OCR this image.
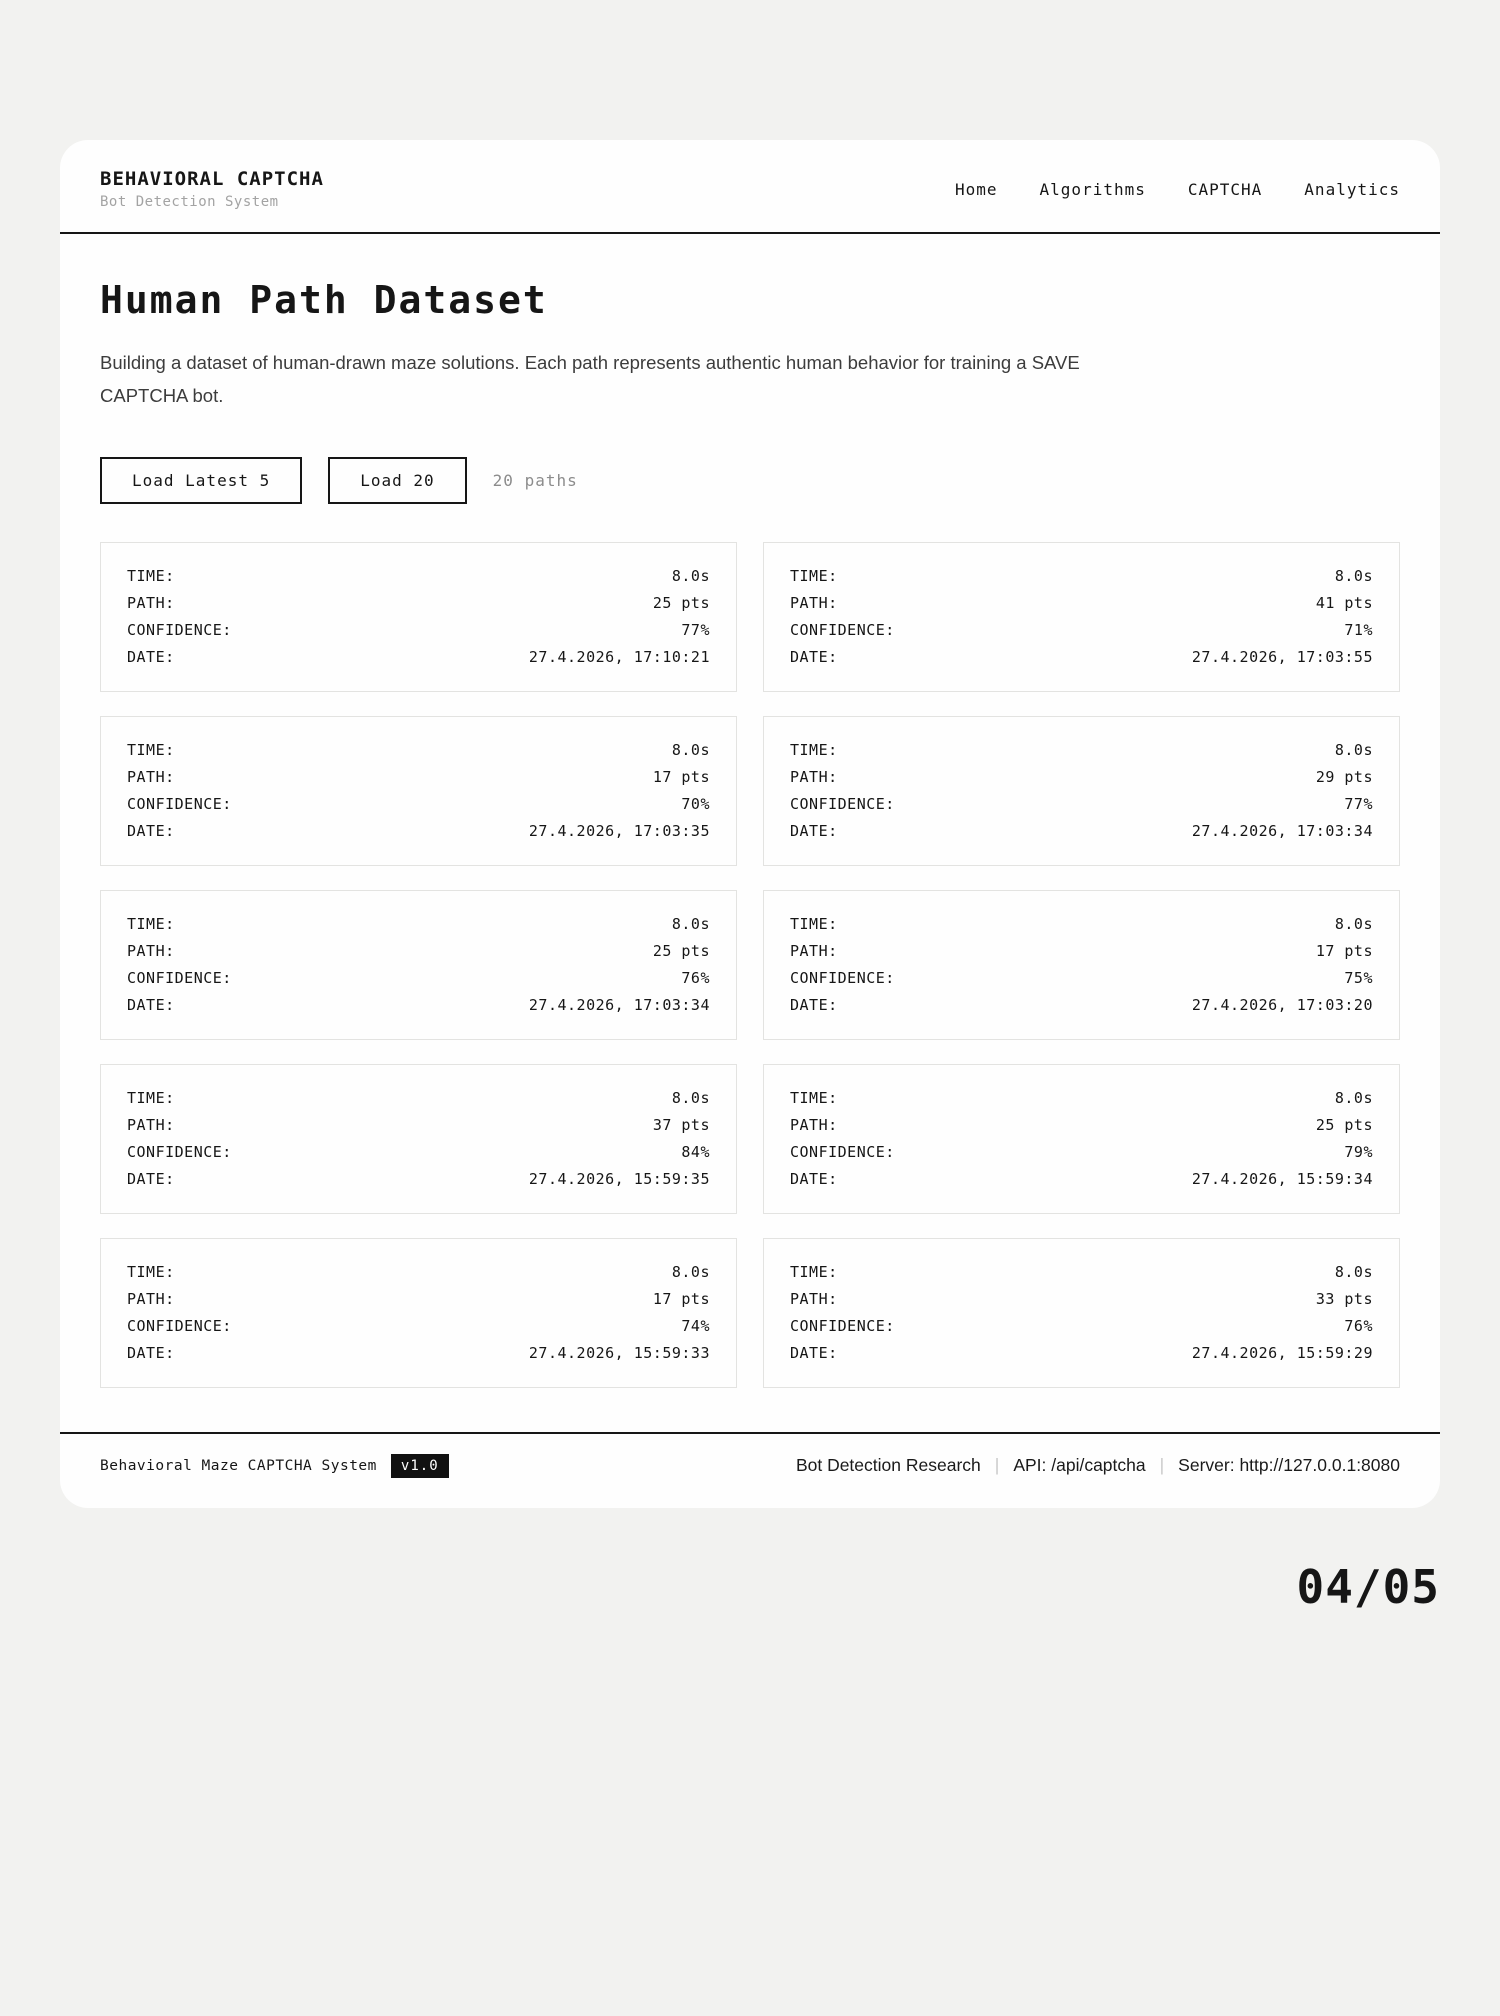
BEHAVIORAL CAPTCHA
Bot Detection System
Home	Algorithms	CAPTCHA	Analytics
Human Path Dataset

Building a dataset of human-drawn maze solutions. Each path represents authentic human behavior for training a SAVE CAPTCHA bot.

Load Latest 5	Load 20	20 paths
TIME:	8.0s
PATH:	25 pts
CONFIDENCE:	77%
DATE:	27.4.2026, 17:10:21
TIME:	8.0s
PATH:	41 pts
CONFIDENCE:	71%
DATE:	27.4.2026, 17:03:55
TIME:	8.0s
PATH:	17 pts
CONFIDENCE:	70%
DATE:	27.4.2026, 17:03:35
TIME:	8.0s
PATH:	29 pts
CONFIDENCE:	77%
DATE:	27.4.2026, 17:03:34
TIME:	8.0s
PATH:	25 pts
CONFIDENCE:	76%
DATE:	27.4.2026, 17:03:34
TIME:	8.0s
PATH:	17 pts
CONFIDENCE:	75%
DATE:	27.4.2026, 17:03:20
TIME:	8.0s
PATH:	37 pts
CONFIDENCE:	84%
DATE:	27.4.2026, 15:59:35
TIME:	8.0s
PATH:	25 pts
CONFIDENCE:	79%
DATE:	27.4.2026, 15:59:34
TIME:	8.0s
PATH:	17 pts
CONFIDENCE:	74%
DATE:	27.4.2026, 15:59:33
TIME:	8.0s
PATH:	33 pts
CONFIDENCE:	76%
DATE:	27.4.2026, 15:59:29
Behavioral Maze CAPTCHA System	v1.0	Bot Detection Research | API: /api/captcha | Server: http://127.0.0.1:8080
04/05
